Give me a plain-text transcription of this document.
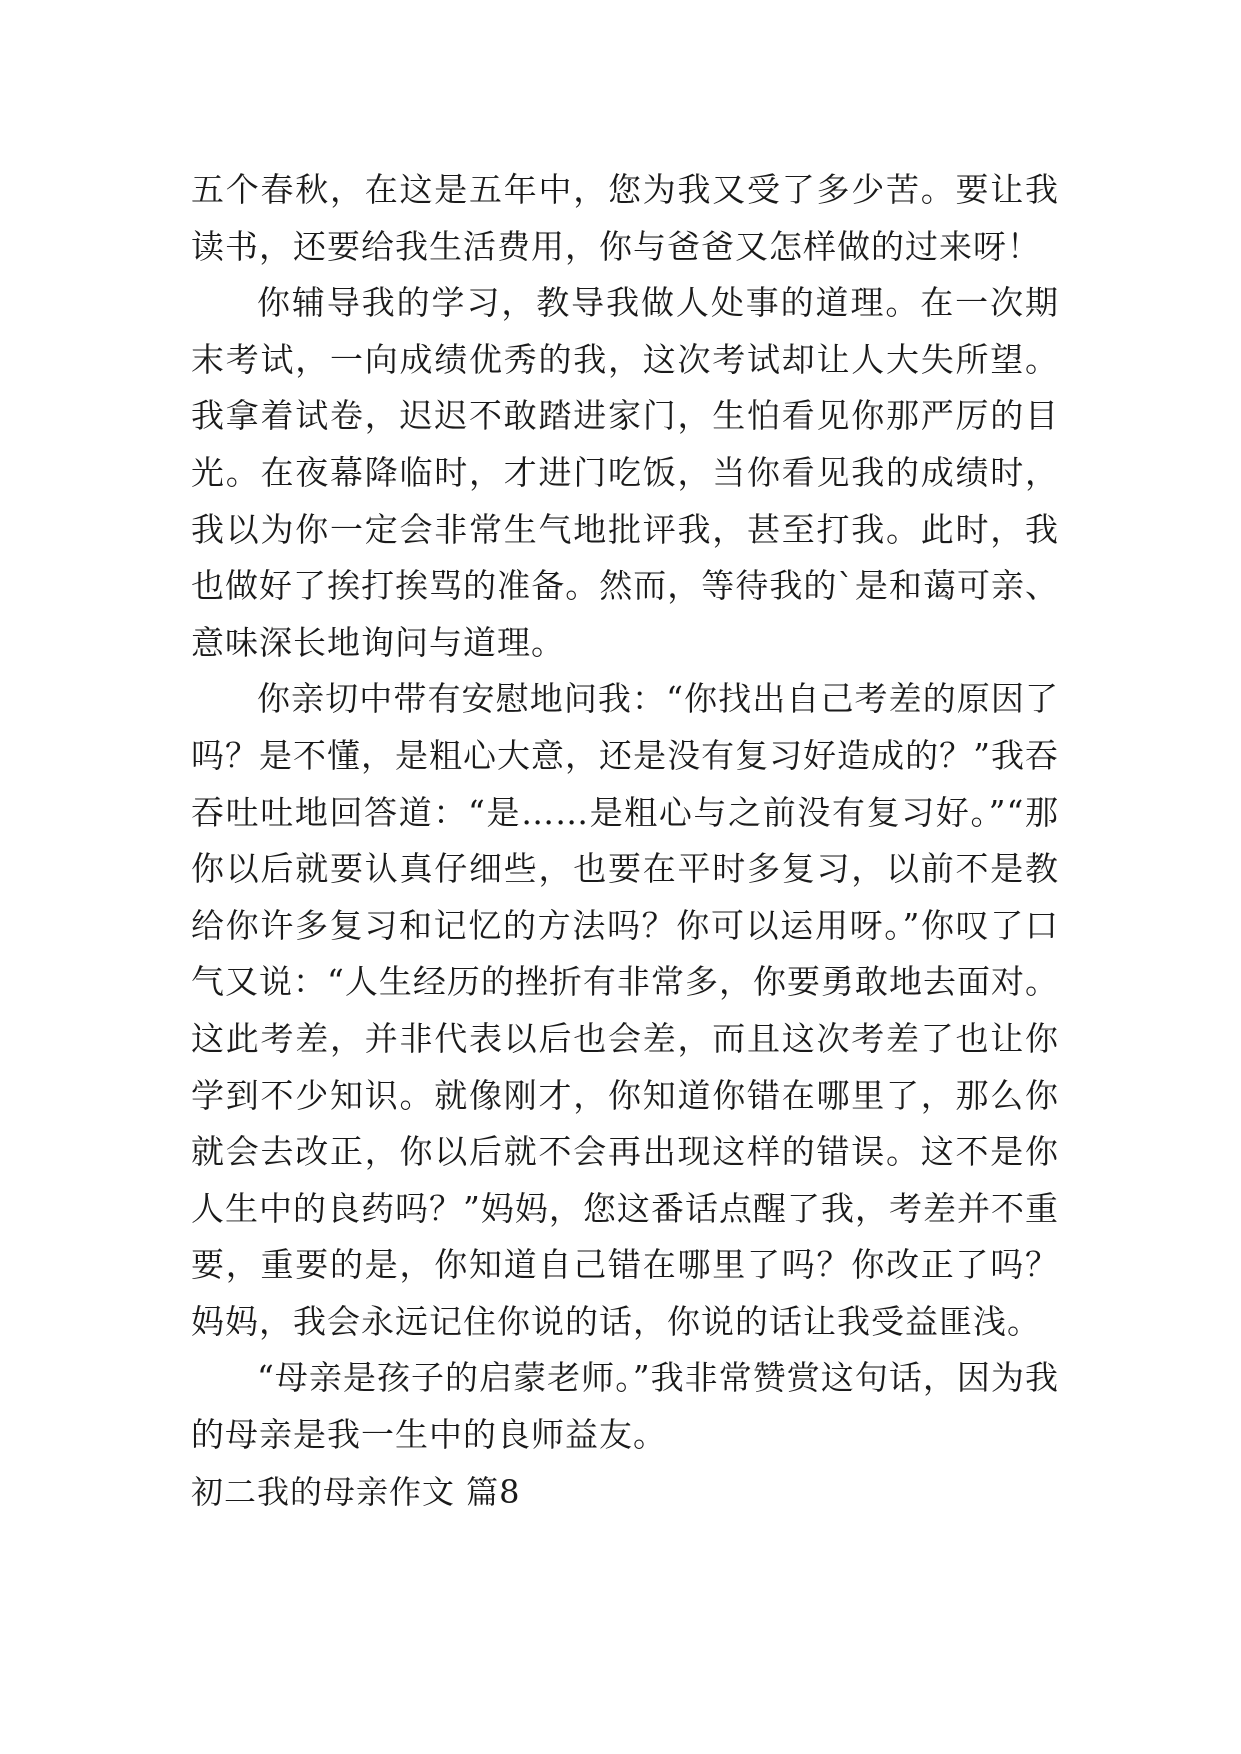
五个春秋，在这是五年中，您为我又受了多少苦。要让我读书，还要给我生活费用，你与爸爸又怎样做的过来呀！

你辅导我的学习，教导我做人处事的道理。在一次期末考试，一向成绩优秀的我，这次考试却让人大失所望。我拿着试卷，迟迟不敢踏进家门，生怕看见你那严厉的目光。在夜幕降临时，才进门吃饭，当你看见我的成绩时，我以为你一定会非常生气地批评我，甚至打我。此时，我也做好了挨打挨骂的准备。然而，等待我的`是和蔼可亲、意味深长地询问与道理。

你亲切中带有安慰地问我：“你找出自己考差的原因了吗？是不懂，是粗心大意，还是没有复习好造成的？”我吞吞吐吐地回答道：“是……是粗心与之前没有复习好。”“那你以后就要认真仔细些，也要在平时多复习，以前不是教给你许多复习和记忆的方法吗？你可以运用呀。”你叹了口气又说：“人生经历的挫折有非常多，你要勇敢地去面对。这此考差，并非代表以后也会差，而且这次考差了也让你学到不少知识。就像刚才，你知道你错在哪里了，那么你就会去改正，你以后就不会再出现这样的错误。这不是你人生中的良药吗？”妈妈，您这番话点醒了我，考差并不重要，重要的是，你知道自己错在哪里了吗？你改正了吗？妈妈，我会永远记住你说的话，你说的话让我受益匪浅。

“母亲是孩子的启蒙老师。”我非常赞赏这句话，因为我的母亲是我一生中的良师益友。

初二我的母亲作文 篇8
